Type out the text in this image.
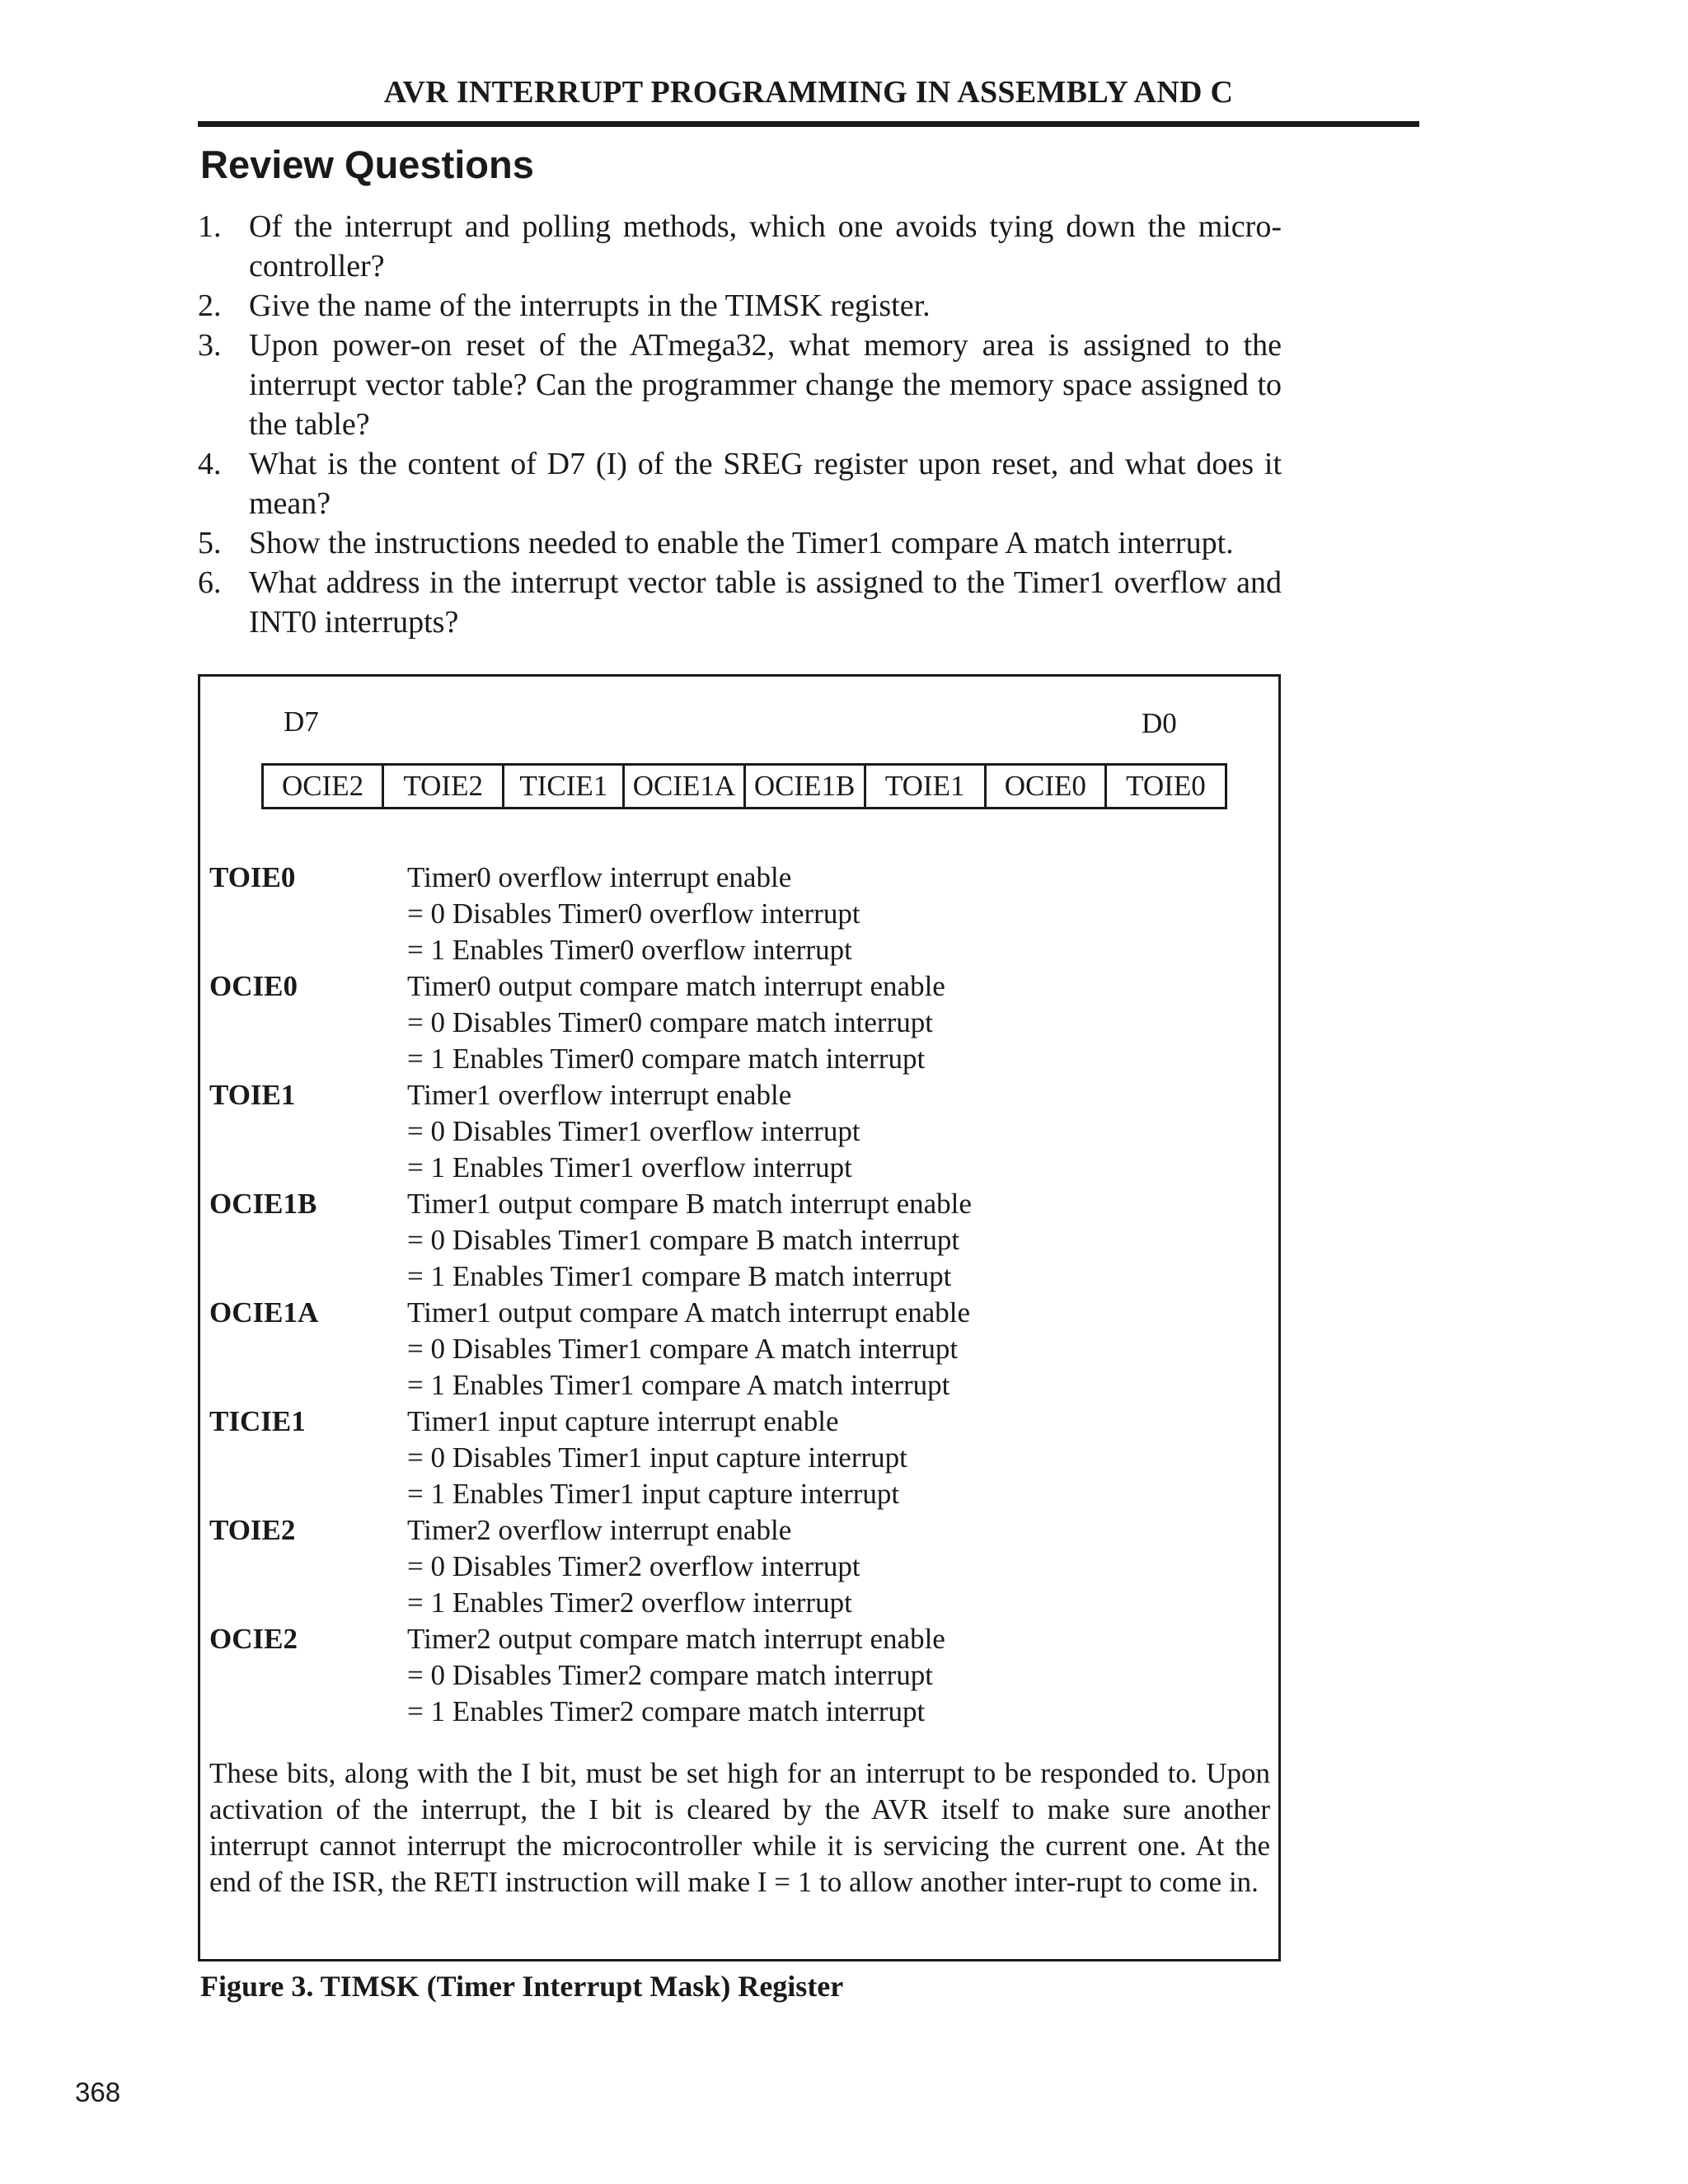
AVR INTERRUPT PROGRAMMING IN ASSEMBLY AND C
Review Questions
1. Of the interrupt and polling methods, which one avoids tying down the micro-controller?
2. Give the name of the interrupts in the TIMSK register.
3. Upon power-on reset of the ATmega32, what memory area is assigned to the interrupt vector table? Can the programmer change the memory space assigned to the table?
4. What is the content of D7 (I) of the SREG register upon reset, and what does it mean?
5. Show the instructions needed to enable the Timer1 compare A match interrupt.
6. What address in the interrupt vector table is assigned to the Timer1 overflow and INT0 interrupts?
D7	D0
OCIE2	TOIE2	TICIE1 OCIE1A OCIE1B	TOIE1	OCIE0	TOIE0
TOIE0	Timer0 overflow interrupt enable
= 0 Disables Timer0 overflow interrupt
= 1 Enables Timer0 overflow interrupt
OCIE0	Timer0 output compare match interrupt enable
= 0 Disables Timer0 compare match interrupt
= 1 Enables Timer0 compare match interrupt
TOIE1	Timer1 overflow interrupt enable
= 0 Disables Timer1 overflow interrupt
= 1 Enables Timer1 overflow interrupt
OCIE1B	Timer1 output compare B match interrupt enable
= 0 Disables Timer1 compare B match interrupt
= 1 Enables Timer1 compare B match interrupt
OCIE1A	Timer1 output compare A match interrupt enable
= 0 Disables Timer1 compare A match interrupt
= 1 Enables Timer1 compare A match interrupt
TICIE1	Timer1 input capture interrupt enable
= 0 Disables Timer1 input capture interrupt
= 1 Enables Timer1 input capture interrupt
TOIE2	Timer2 overflow interrupt enable
= 0 Disables Timer2 overflow interrupt
= 1 Enables Timer2 overflow interrupt
OCIE2	Timer2 output compare match interrupt enable
= 0 Disables Timer2 compare match interrupt
= 1 Enables Timer2 compare match interrupt
These bits, along with the I bit, must be set high for an interrupt to be responded to. Upon activation of the interrupt, the I bit is cleared by the AVR itself to make sure another interrupt cannot interrupt the microcontroller while it is servicing the current one. At the end of the ISR, the RETI instruction will make I = 1 to allow another inter-rupt to come in.
Figure 3. TIMSK (Timer Interrupt Mask) Register
368
